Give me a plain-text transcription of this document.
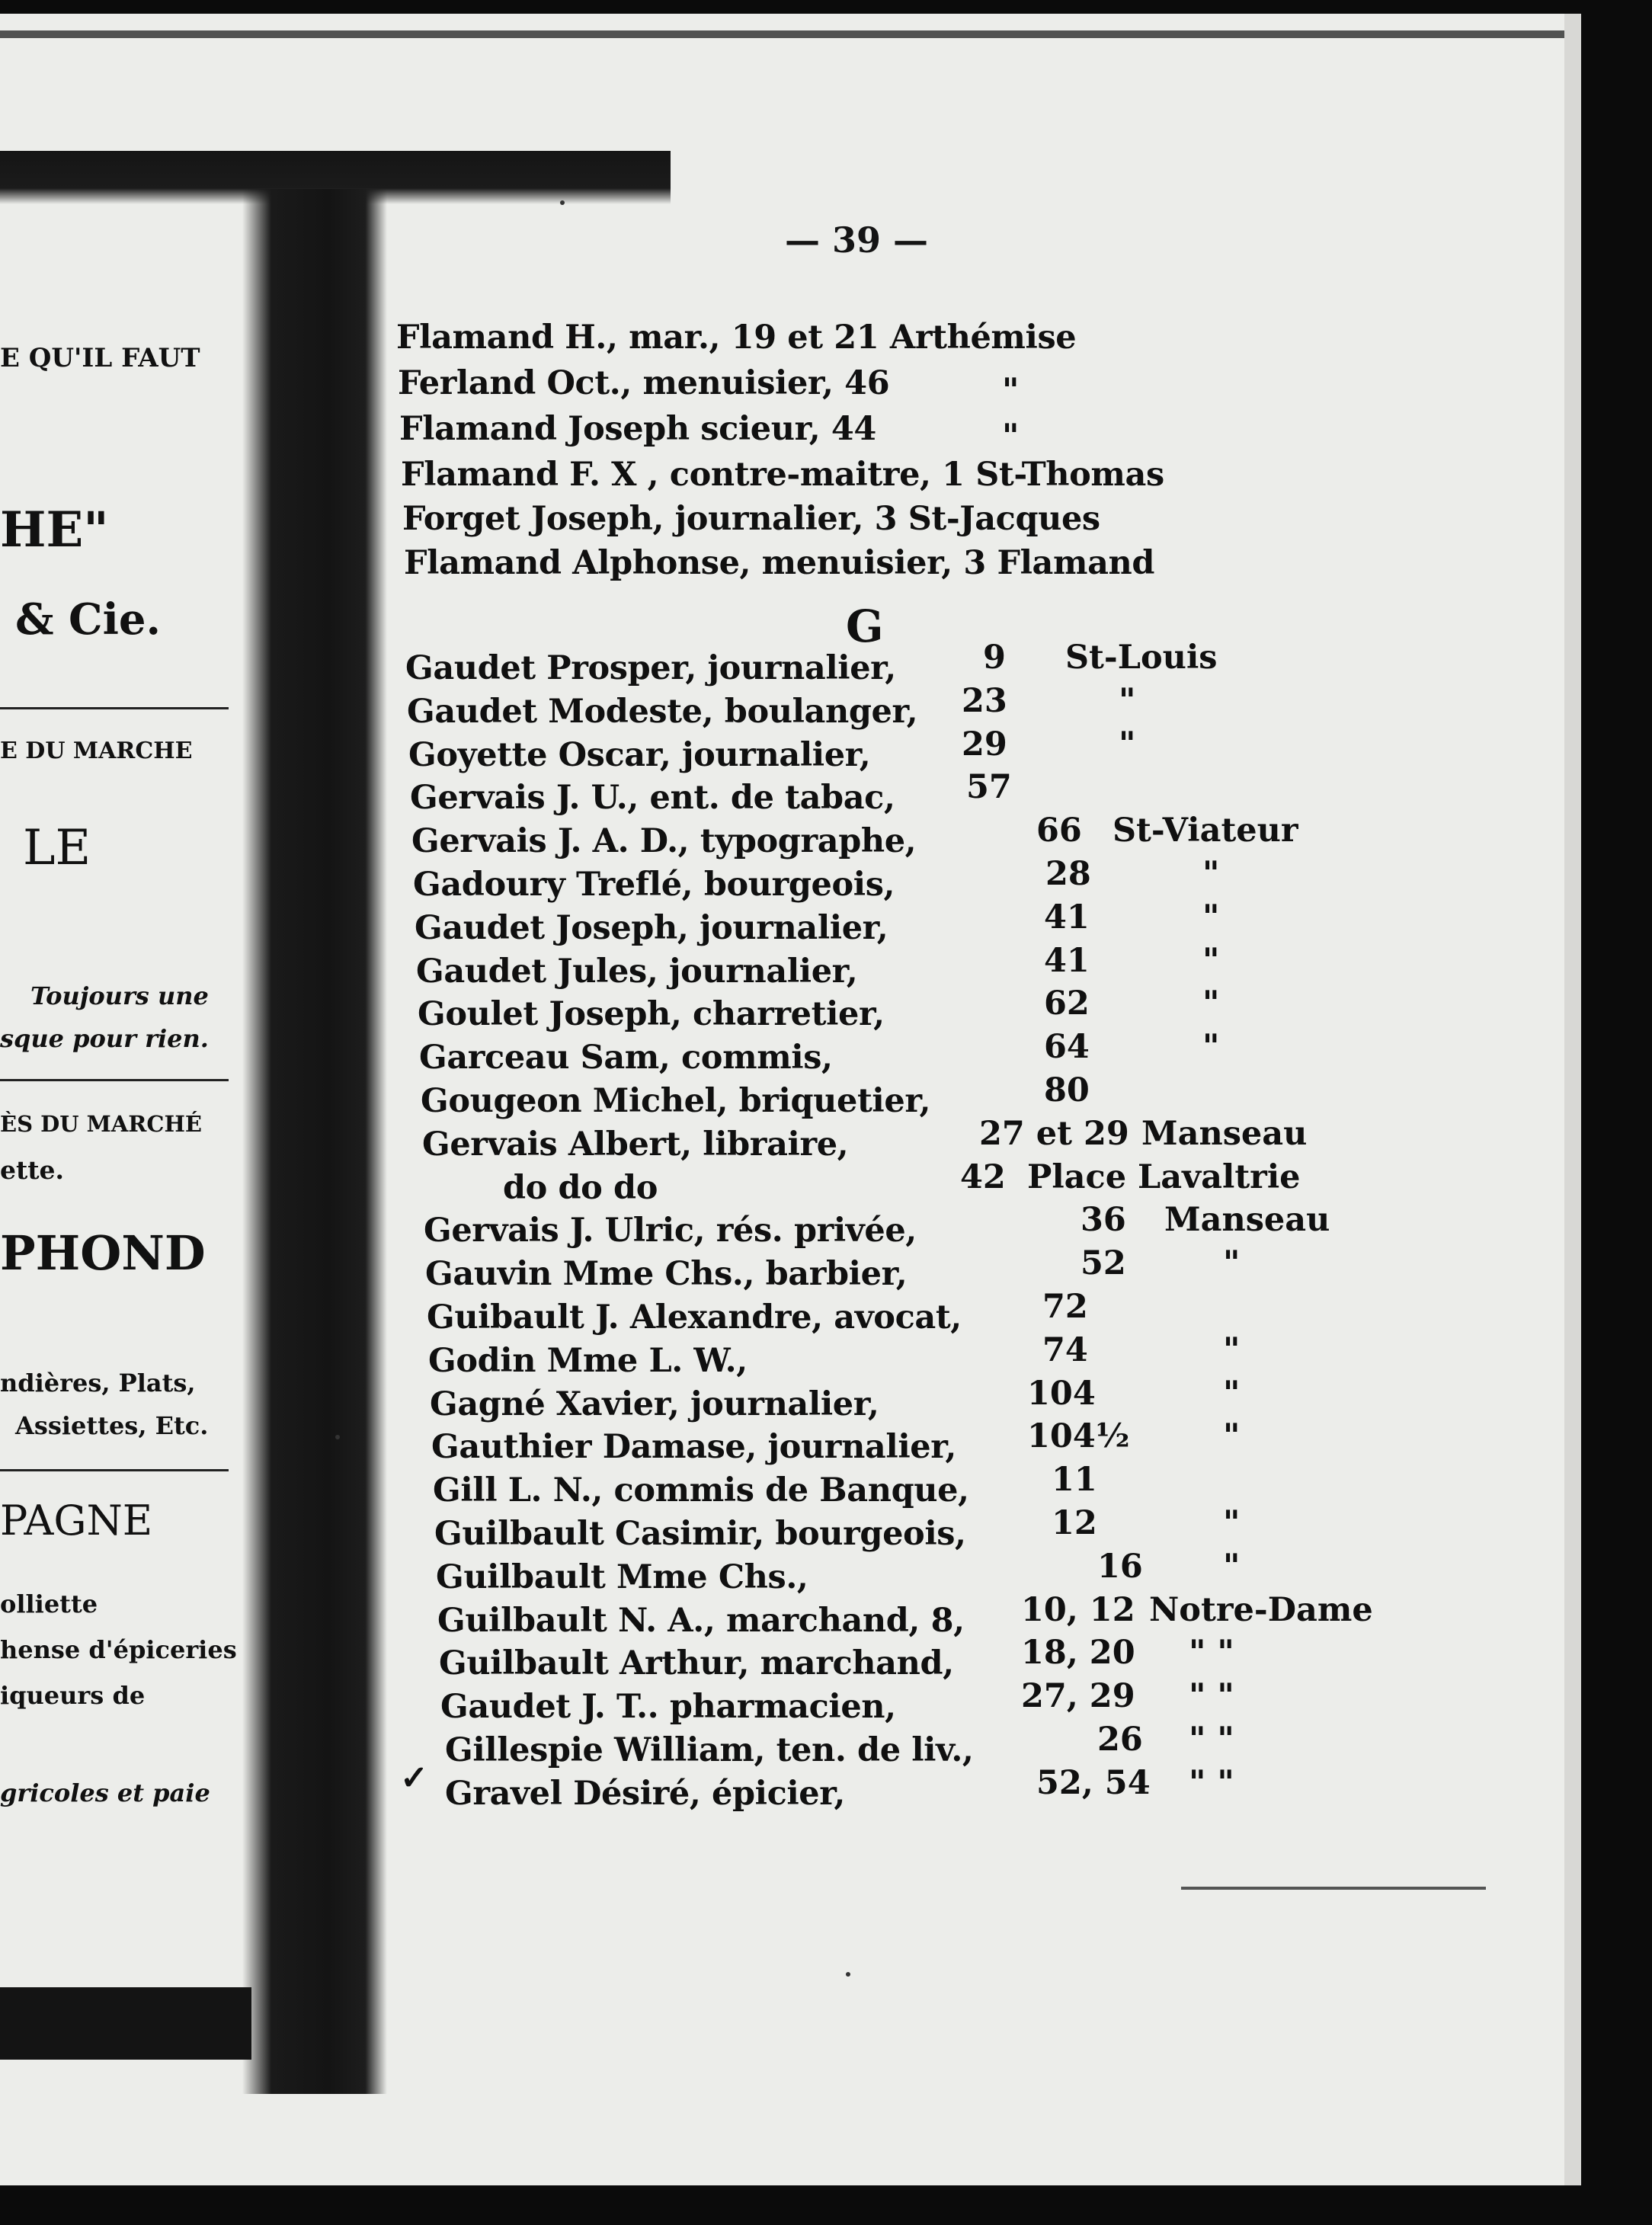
E QU'IL FAUT
HE"
& Cie.
E DU MARCHE
LE
Toujours une
sque pour rien.
ÈS DU MARCHÉ
ette.
PHOND
ndières, Plats,
Assiettes, Etc.
PAGNE
olliette
hense d'épiceries
iqueurs de
gricoles et paie
— 39 —
Flamand H., mar., 19 et 21 Arthémise
Ferland Oct., menuisier, 46	"
Flamand Joseph scieur, 44	"
Flamand F. X , contre-maitre, 1 St-Thomas
Forget Joseph, journalier, 3 St-Jacques
Flamand Alphonse, menuisier, 3 Flamand
G
Gaudet Prosper, journalier,	9 St-Louis
Gaudet Modeste, boulanger, 23	"
Goyette Oscar, journalier,	29	"
Gervais J. U., ent. de tabac, 57
Gervais J. A. D., typographe,	66 St-Viateur
Gadoury Treflé, bourgeois,	28	"
Gaudet Joseph, journalier,	41	"
Gaudet Jules, journalier,	41	"
Goulet Joseph, charretier,	62	"
Garceau Sam, commis,	64	"
Gougeon Michel, briquetier,	80
Gervais Albert, libraire,	27 et 29 Manseau
do do do	42 Place Lavaltrie
Gervais J. Ulric, rés. privée,	36 Manseau
Gauvin Mme Chs., barbier,	52	"
Guibault J. Alexandre, avocat, 72
Godin Mme L. W.,	74	"
Gagné Xavier, journalier,	104	"
Gauthier Damase, journalier, 104½	"
Gill L. N., commis de Banque,	11
Guilbault Casimir, bourgeois,	12	"
Guilbault Mme Chs.,	16 "
Guilbault N. A., marchand, 8, 10, 12 Notre-Dame
Guilbault Arthur, marchand, 18, 20 " "
Gaudet J. T.. pharmacien,	27, 29 " "
Gillespie William, ten. de liv.,	26 " "
Gravel Désiré, épicier,	52, 54 " "
✓
